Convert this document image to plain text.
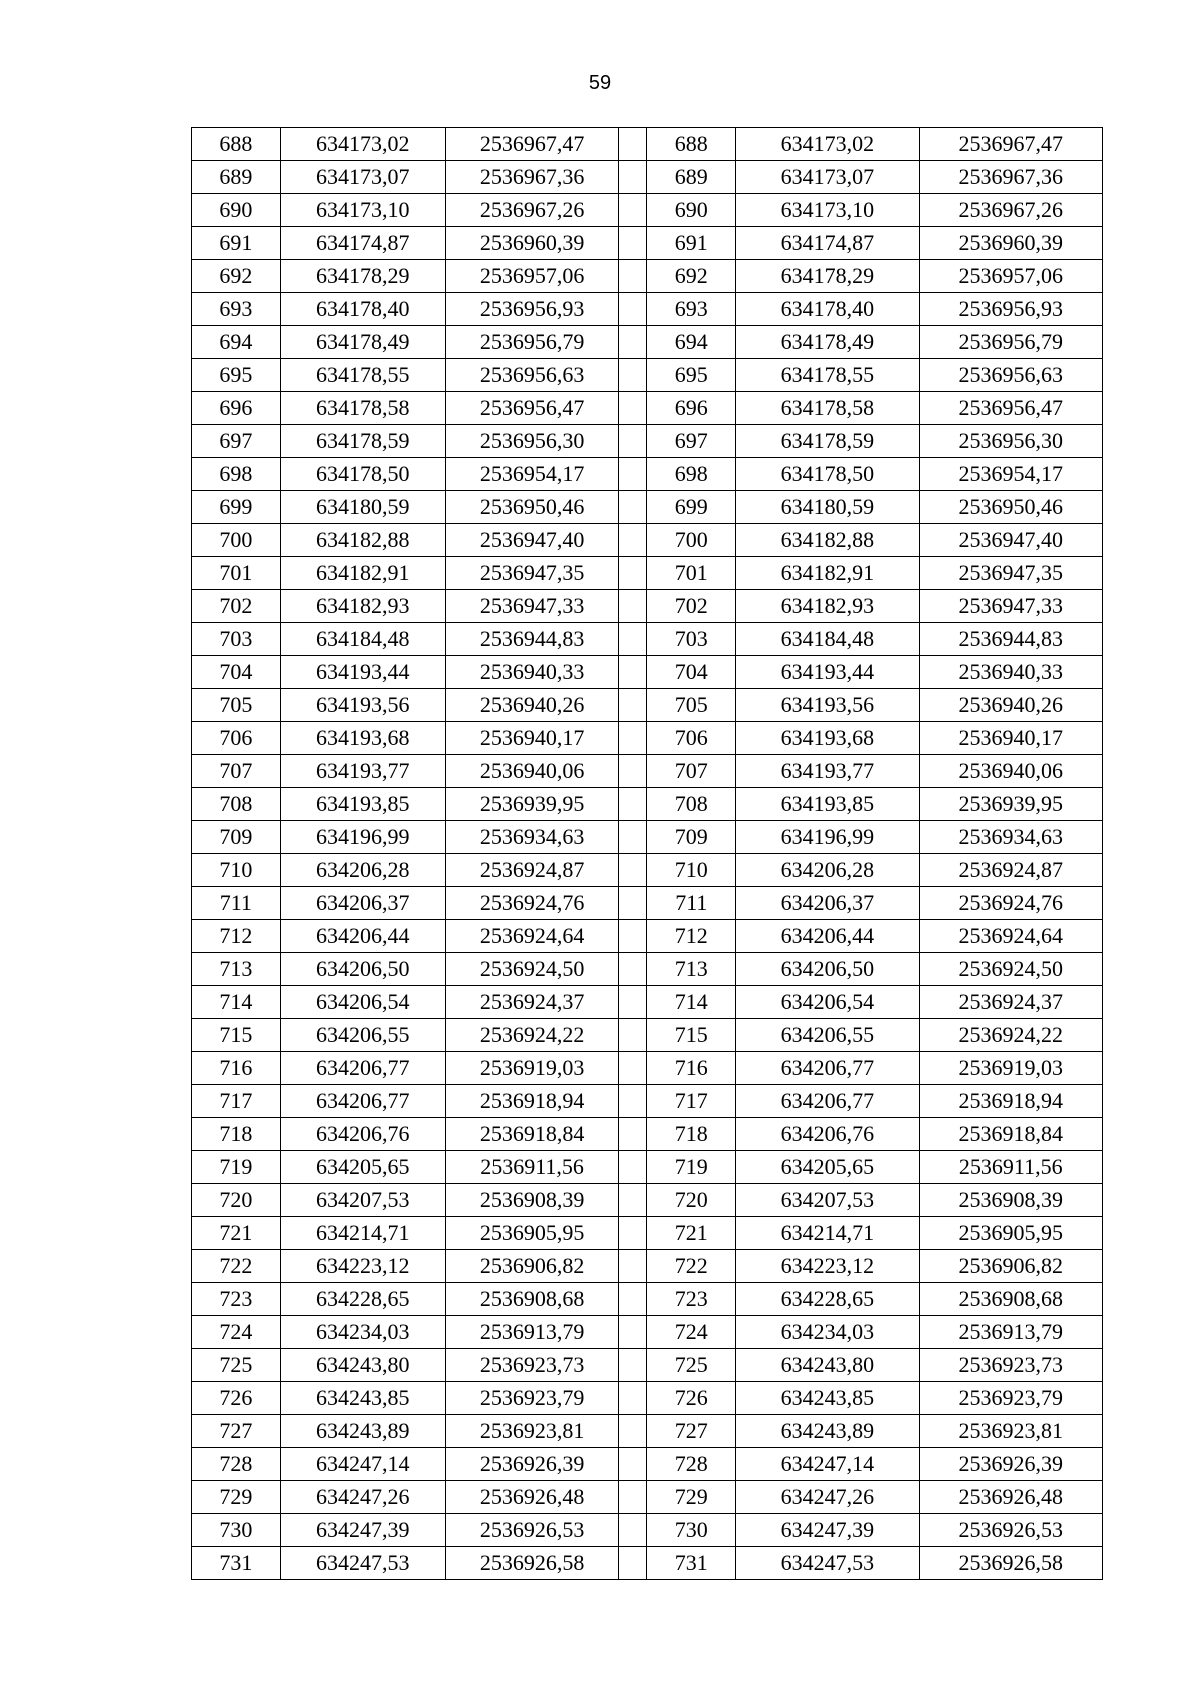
59
688	634173,02	2536967,47		688	634173,02	2536967,47
689	634173,07	2536967,36		689	634173,07	2536967,36
690	634173,10	2536967,26		690	634173,10	2536967,26
691	634174,87	2536960,39		691	634174,87	2536960,39
692	634178,29	2536957,06		692	634178,29	2536957,06
693	634178,40	2536956,93		693	634178,40	2536956,93
694	634178,49	2536956,79		694	634178,49	2536956,79
695	634178,55	2536956,63		695	634178,55	2536956,63
696	634178,58	2536956,47		696	634178,58	2536956,47
697	634178,59	2536956,30		697	634178,59	2536956,30
698	634178,50	2536954,17		698	634178,50	2536954,17
699	634180,59	2536950,46		699	634180,59	2536950,46
700	634182,88	2536947,40		700	634182,88	2536947,40
701	634182,91	2536947,35		701	634182,91	2536947,35
702	634182,93	2536947,33		702	634182,93	2536947,33
703	634184,48	2536944,83		703	634184,48	2536944,83
704	634193,44	2536940,33		704	634193,44	2536940,33
705	634193,56	2536940,26		705	634193,56	2536940,26
706	634193,68	2536940,17		706	634193,68	2536940,17
707	634193,77	2536940,06		707	634193,77	2536940,06
708	634193,85	2536939,95		708	634193,85	2536939,95
709	634196,99	2536934,63		709	634196,99	2536934,63
710	634206,28	2536924,87		710	634206,28	2536924,87
711	634206,37	2536924,76		711	634206,37	2536924,76
712	634206,44	2536924,64		712	634206,44	2536924,64
713	634206,50	2536924,50		713	634206,50	2536924,50
714	634206,54	2536924,37		714	634206,54	2536924,37
715	634206,55	2536924,22		715	634206,55	2536924,22
716	634206,77	2536919,03		716	634206,77	2536919,03
717	634206,77	2536918,94		717	634206,77	2536918,94
718	634206,76	2536918,84		718	634206,76	2536918,84
719	634205,65	2536911,56		719	634205,65	2536911,56
720	634207,53	2536908,39		720	634207,53	2536908,39
721	634214,71	2536905,95		721	634214,71	2536905,95
722	634223,12	2536906,82		722	634223,12	2536906,82
723	634228,65	2536908,68		723	634228,65	2536908,68
724	634234,03	2536913,79		724	634234,03	2536913,79
725	634243,80	2536923,73		725	634243,80	2536923,73
726	634243,85	2536923,79		726	634243,85	2536923,79
727	634243,89	2536923,81		727	634243,89	2536923,81
728	634247,14	2536926,39		728	634247,14	2536926,39
729	634247,26	2536926,48		729	634247,26	2536926,48
730	634247,39	2536926,53		730	634247,39	2536926,53
731	634247,53	2536926,58		731	634247,53	2536926,58
